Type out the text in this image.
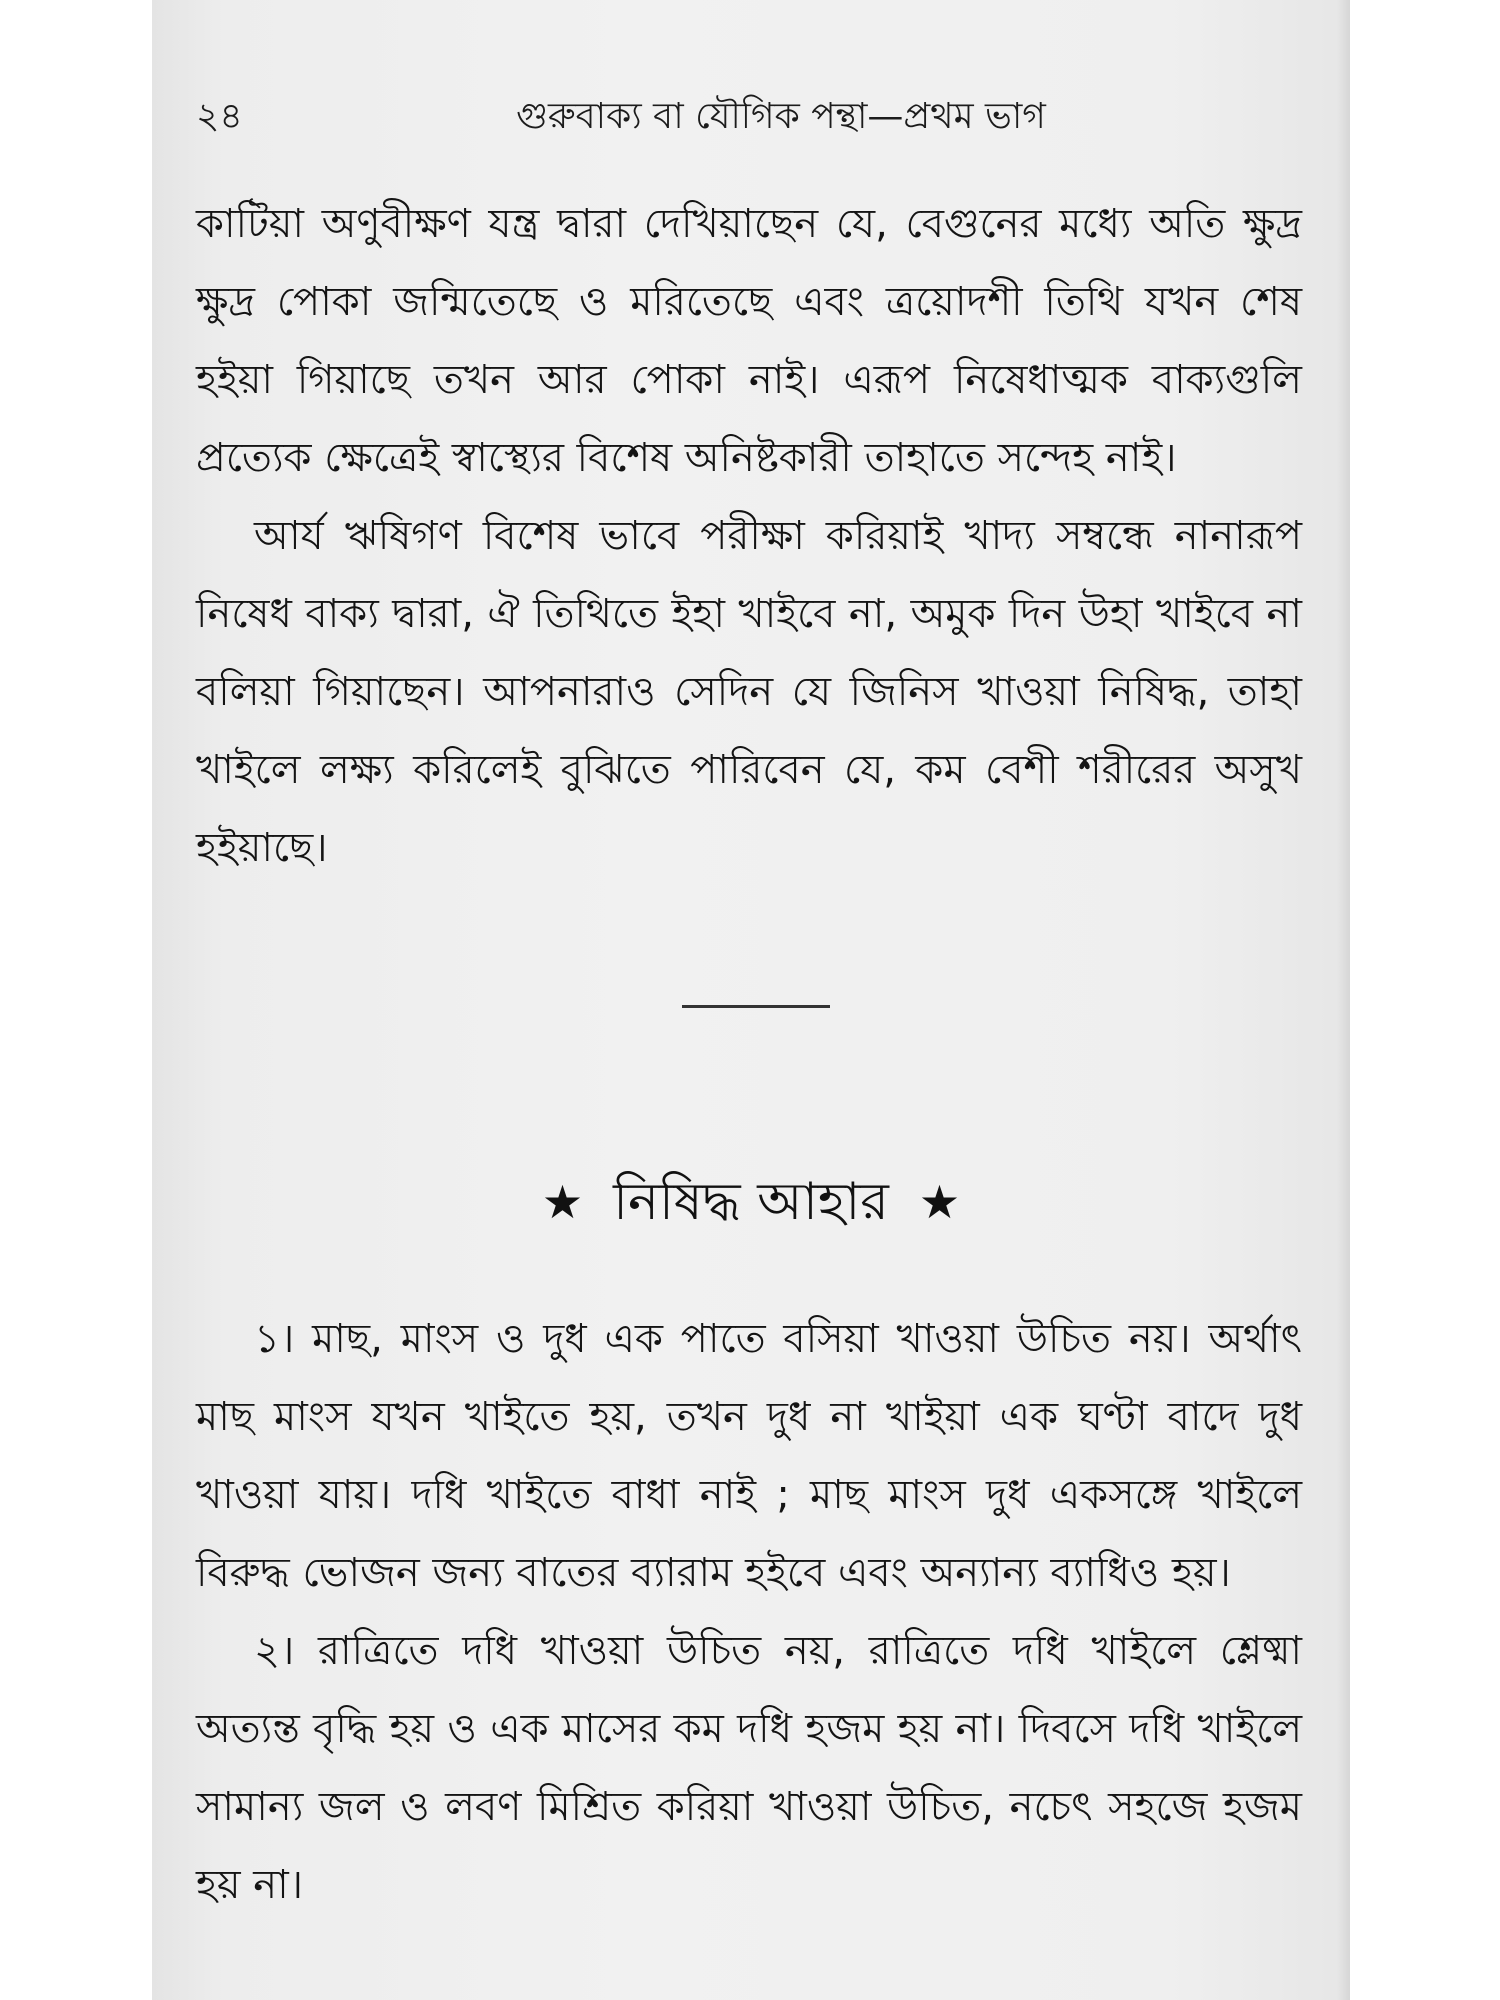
২৪	গুরুবাক্য বা যৌগিক পন্থা—প্রথম ভাগ

কাটিয়া অণুবীক্ষণ যন্ত্র দ্বারা দেখিয়াছেন যে, বেগুনের মধ্যে অতি ক্ষুদ্র ক্ষুদ্র পোকা জন্মিতেছে ও মরিতেছে এবং ত্রয়োদশী তিথি যখন শেষ হইয়া গিয়াছে তখন আর পোকা নাই। এরূপ নিষেধাত্মক বাক্যগুলি প্রত্যেক ক্ষেত্রেই স্বাস্থ্যের বিশেষ অনিষ্টকারী তাহাতে সন্দেহ নাই।

আর্য ঋষিগণ বিশেষ ভাবে পরীক্ষা করিয়াই খাদ্য সম্বন্ধে নানারূপ নিষেধ বাক্য দ্বারা, ঐ তিথিতে ইহা খাইবে না, অমুক দিন উহা খাইবে না বলিয়া গিয়াছেন। আপনারাও সেদিন যে জিনিস খাওয়া নিষিদ্ধ, তাহা খাইলে লক্ষ্য করিলেই বুঝিতে পারিবেন যে, কম বেশী শরীরের অসুখ হইয়াছে।

★ নিষিদ্ধ আহার ★

১। মাছ, মাংস ও দুধ এক পাতে বসিয়া খাওয়া উচিত নয়। অর্থাৎ মাছ মাংস যখন খাইতে হয়, তখন দুধ না খাইয়া এক ঘণ্টা বাদে দুধ খাওয়া যায়। দধি খাইতে বাধা নাই ; মাছ মাংস দুধ একসঙ্গে খাইলে বিরুদ্ধ ভোজন জন্য বাতের ব্যারাম হইবে এবং অন্যান্য ব্যাধিও হয়।

২। রাত্রিতে দধি খাওয়া উচিত নয়, রাত্রিতে দধি খাইলে শ্লেষ্মা অত্যন্ত বৃদ্ধি হয় ও এক মাসের কম দধি হজম হয় না। দিবসে দধি খাইলে সামান্য জল ও লবণ মিশ্রিত করিয়া খাওয়া উচিত, নচেৎ সহজে হজম হয় না।
